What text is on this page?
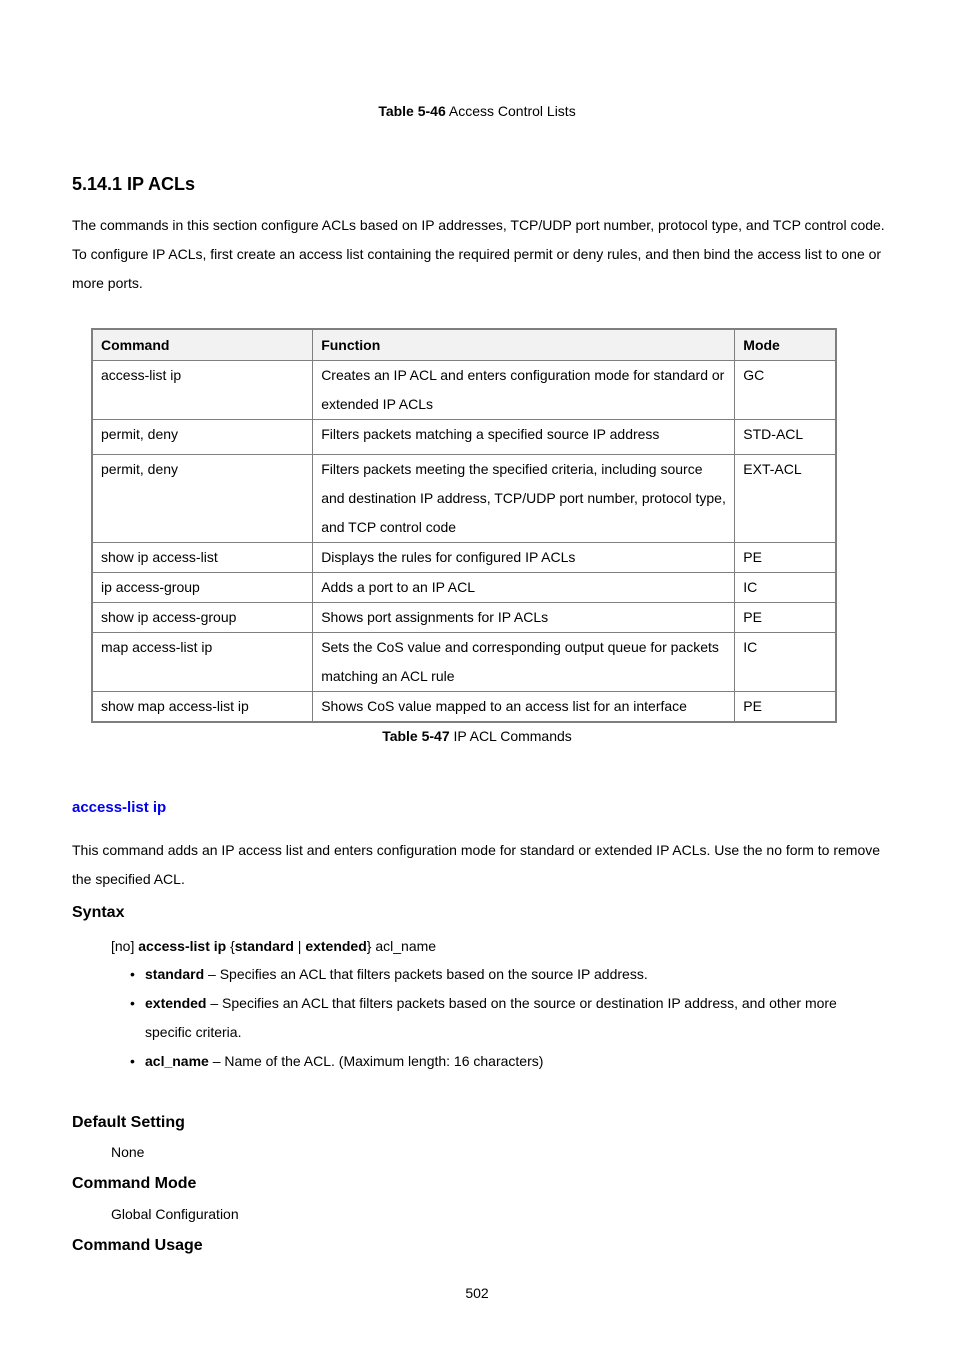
Table 5-46 Access Control Lists
5.14.1 IP ACLs

The commands in this section configure ACLs based on IP addresses, TCP/UDP port number, protocol type, and TCP control code. To configure IP ACLs, first create an access list containing the required permit or deny rules, and then bind the access list to one or more ports.

Command	Function	Mode
access-list ip	Creates an IP ACL and enters configuration mode for standard or extended IP ACLs	GC
permit, deny	Filters packets matching a specified source IP address	STD-ACL
permit, deny	Filters packets meeting the specified criteria, including source and destination IP address, TCP/UDP port number, protocol type, and TCP control code	EXT-ACL
show ip access-list	Displays the rules for configured IP ACLs	PE
ip access-group	Adds a port to an IP ACL	IC
show ip access-group	Shows port assignments for IP ACLs	PE
map access-list ip	Sets the CoS value and corresponding output queue for packets matching an ACL rule	IC
show map access-list ip	Shows CoS value mapped to an access list for an interface	PE
Table 5-47 IP ACL Commands
access-list ip

This command adds an IP access list and enters configuration mode for standard or extended IP ACLs. Use the no form to remove the specified ACL.

Syntax
[no] access-list ip {standard | extended} acl_name
• standard – Specifies an ACL that filters packets based on the source IP address.
• extended – Specifies an ACL that filters packets based on the source or destination IP address, and other more specific criteria.
• acl_name – Name of the ACL. (Maximum length: 16 characters)
Default Setting
None
Command Mode
Global Configuration
Command Usage
502
